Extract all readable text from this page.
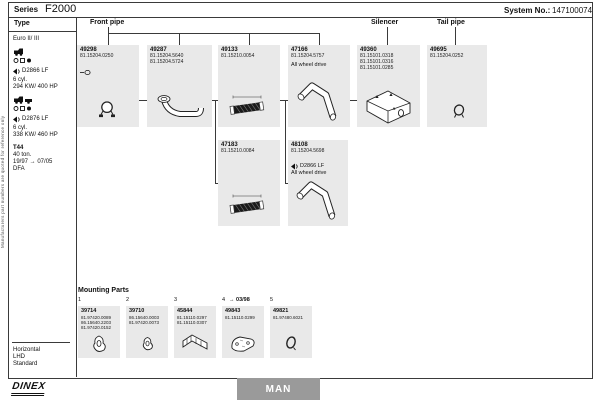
Manufacturers part numbers are quoted for reference only
Series F2000	System No.: 147100074
Type	Front pipe	Silencer	Tail pipe
Euro II/ III
D2866 LF
6 cyl.
294 KW/ 400 HP
D2876 LF
6 cyl.
338 KW/ 460 HP
T44
40 ton.
19/97 → 07/05
DFA
Horizontal
LHD
Standard
49298
81.15204.0250
49287
81.15204.5640
81.15204.5724
49133
81.15210.0054
47166
81.15204.5757
All wheel drive
49360
81.15101.0318
81.15101.0316
81.15101.0285
49695
81.15204.0252
47183
81.15210.0084
48108
81.15204.5698
D2866 LF
All wheel drive
Mounting Parts
1	2	3	4 → 03/98	5
39714
81.97420.0089
86.15640.2203
81.97420.0152
39710
86.15640.0003
81.97420.0073
45844
81.15110.0297
81.15110.0307
49843
81.15110.0299
49821
81.97480.6021
DINEX	MAN
